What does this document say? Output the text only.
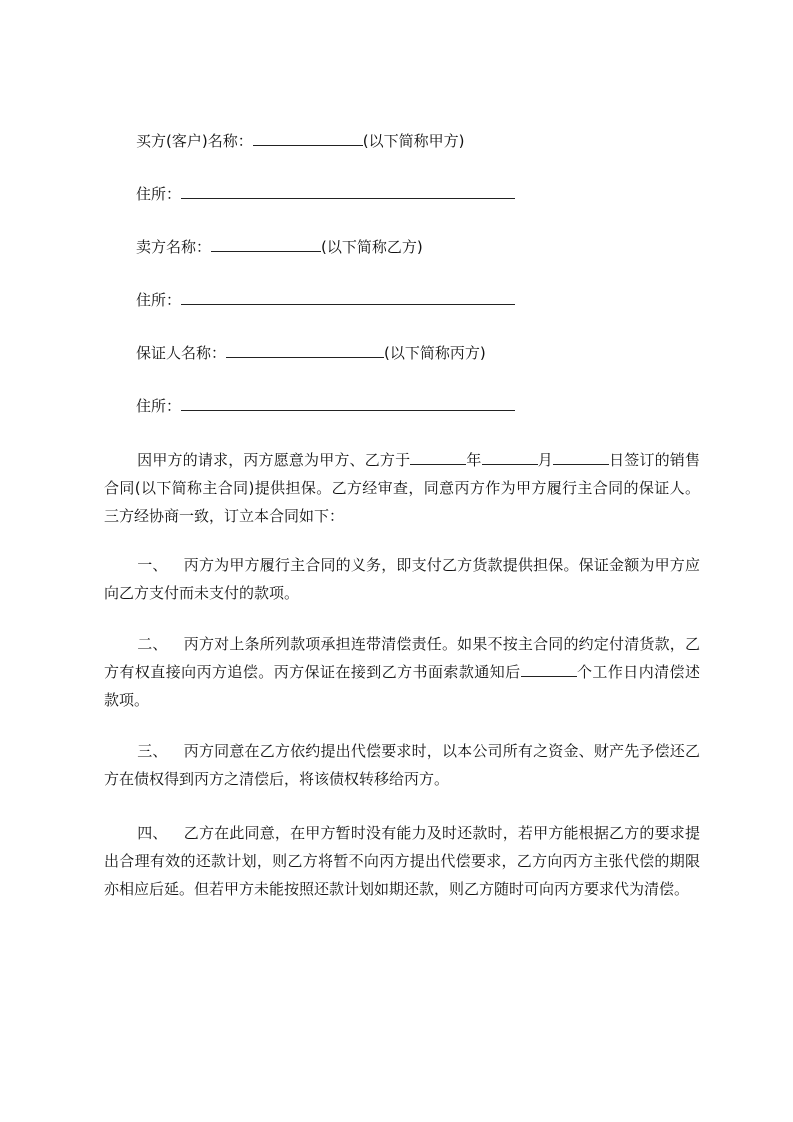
买方(客户)名称：	(以下简称甲方)
住所：
卖方名称：	(以下简称乙方)
住所：
保证人名称：	(以下简称丙方)
住所：
因甲方的请求，丙方愿意为甲方、乙方于	年	月	日签订的销售合同(以下简称主合同)提供担保。乙方经审查，同意丙方作为甲方履行主合同的保证人。三方经协商一致，订立本合同如下：
一、 丙方为甲方履行主合同的义务，即支付乙方货款提供担保。保证金额为甲方应向乙方支付而未支付的款项。
二、 丙方对上条所列款项承担连带清偿责任。如果不按主合同的约定付清货款，乙方有权直接向丙方追偿。丙方保证在接到乙方书面索款通知后	个工作日内清偿述款项。
三、 丙方同意在乙方依约提出代偿要求时，以本公司所有之资金、财产先予偿还乙方在债权得到丙方之清偿后，将该债权转移给丙方。
四、 乙方在此同意，在甲方暂时没有能力及时还款时，若甲方能根据乙方的要求提出合理有效的还款计划，则乙方将暂不向丙方提出代偿要求，乙方向丙方主张代偿的期限亦相应后延。但若甲方未能按照还款计划如期还款，则乙方随时可向丙方要求代为清偿。
